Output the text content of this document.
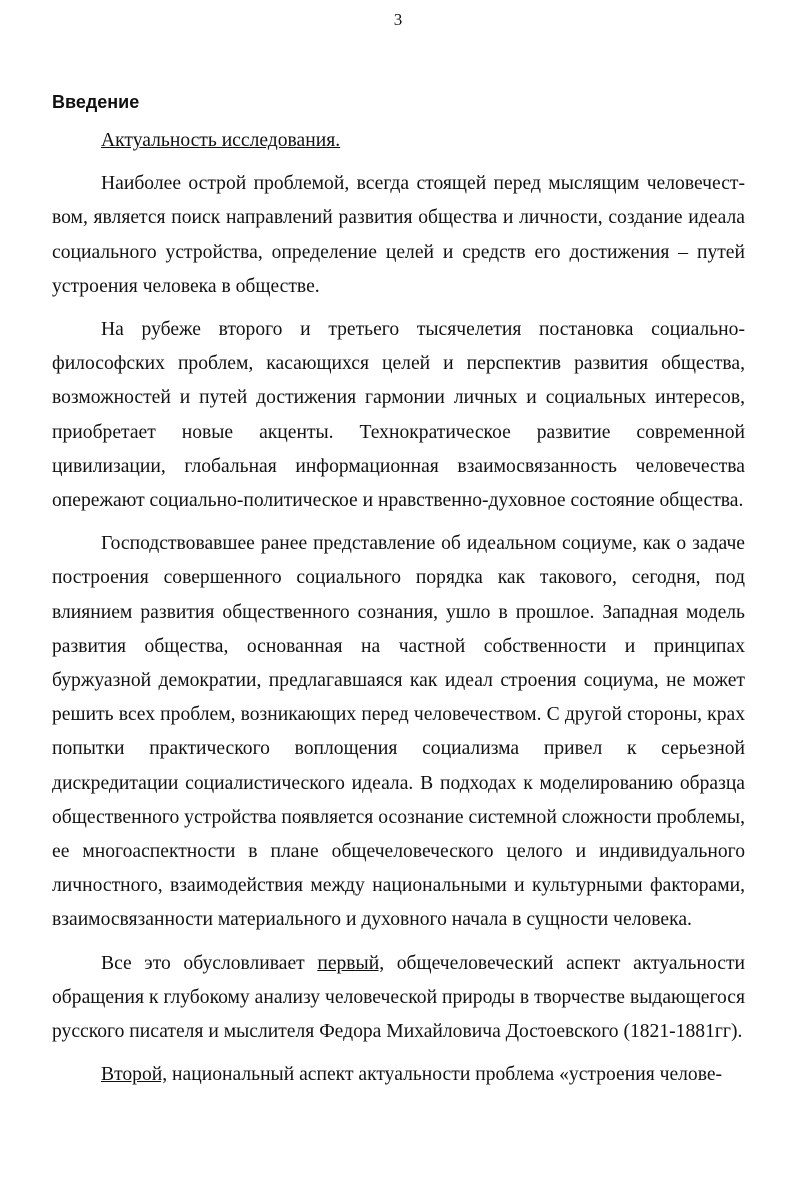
3
Введение

Актуальность исследования.

Наиболее острой проблемой, всегда стоящей перед мыслящим человечест-вом, является поиск направлений развития общества и личности, создание идеала социального устройства, определение целей и средств его достижения – путей устроения человека в обществе.

На рубеже второго и третьего тысячелетия постановка социально-философских проблем, касающихся целей и перспектив развития общества, возможностей и путей достижения гармонии личных и социальных интересов, приобретает новые акценты. Технократическое развитие современной цивилизации, глобальная информационная взаимосвязанность человечества опережают социально-политическое и нравственно-духовное состояние общества.

Господствовавшее ранее представление об идеальном социуме, как о задаче построения совершенного социального порядка как такового, сегодня, под влиянием развития общественного сознания, ушло в прошлое. Западная модель развития общества, основанная на частной собственности и принципах буржуазной демократии, предлагавшаяся как идеал строения социума, не может решить всех проблем, возникающих перед человечеством. С другой стороны, крах попытки практического воплощения социализма привел к серьезной дискредитации социалистического идеала. В подходах к моделированию образца общественного устройства появляется осознание системной сложности проблемы, ее многоаспектности в плане общечеловеческого целого и индивидуального личностного, взаимодействия между национальными и культурными факторами, взаимосвязанности материального и духовного начала в сущности человека.

Все это обусловливает первый, общечеловеческий аспект актуальности обращения к глубокому анализу человеческой природы в творчестве выдающегося русского писателя и мыслителя Федора Михайловича Достоевского (1821-1881гг).

Второй, национальный аспект актуальности проблема «устроения челове-
